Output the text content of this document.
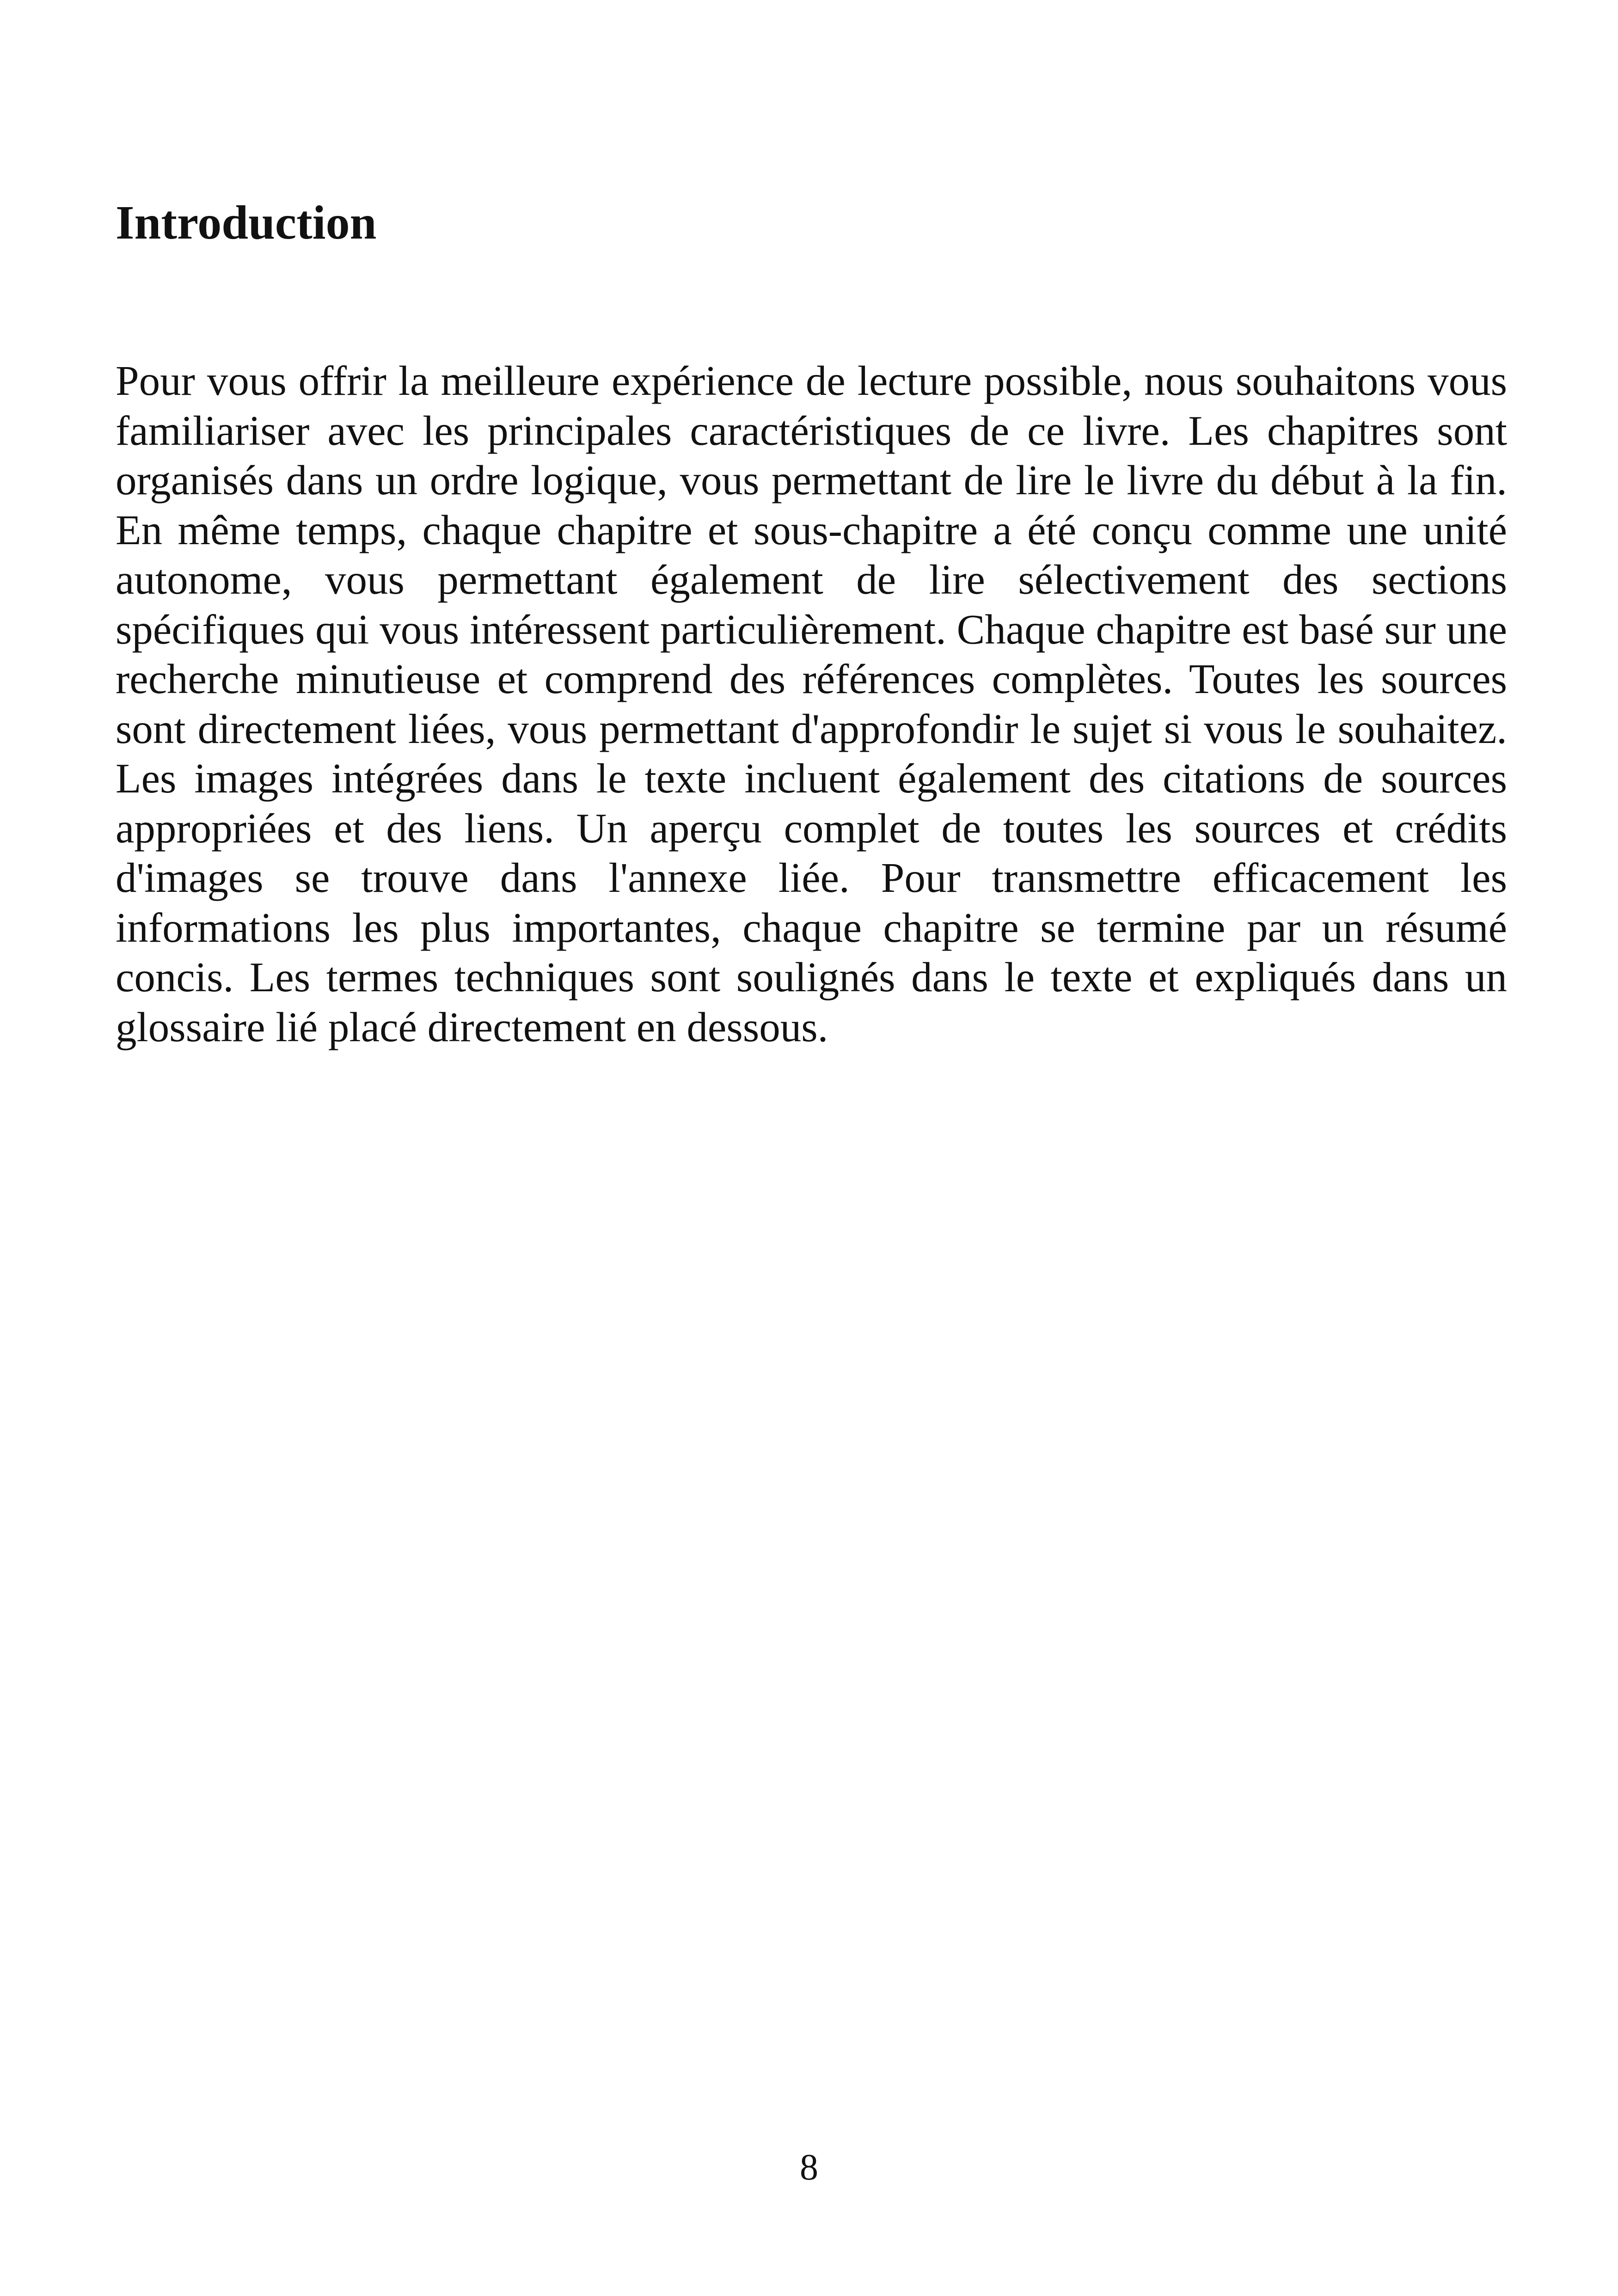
Introduction

Pour vous offrir la meilleure expérience de lecture possible, nous souhaitons vous familiariser avec les principales caractéristiques de ce livre. Les chapitres sont organisés dans un ordre logique, vous permettant de lire le livre du début à la fin. En même temps, chaque chapitre et sous-chapitre a été conçu comme une unité autonome, vous permettant également de lire sélectivement des sections spécifiques qui vous intéressent particulièrement. Chaque chapitre est basé sur une recherche minutieuse et comprend des références complètes. Toutes les sources sont directement liées, vous permettant d'approfondir le sujet si vous le souhaitez. Les images intégrées dans le texte incluent également des citations de sources appropriées et des liens. Un aperçu complet de toutes les sources et crédits d'images se trouve dans l'annexe liée. Pour transmettre efficacement les informations les plus importantes, chaque chapitre se termine par un résumé concis. Les termes techniques sont soulignés dans le texte et expliqués dans un glossaire lié placé directement en dessous.

8
